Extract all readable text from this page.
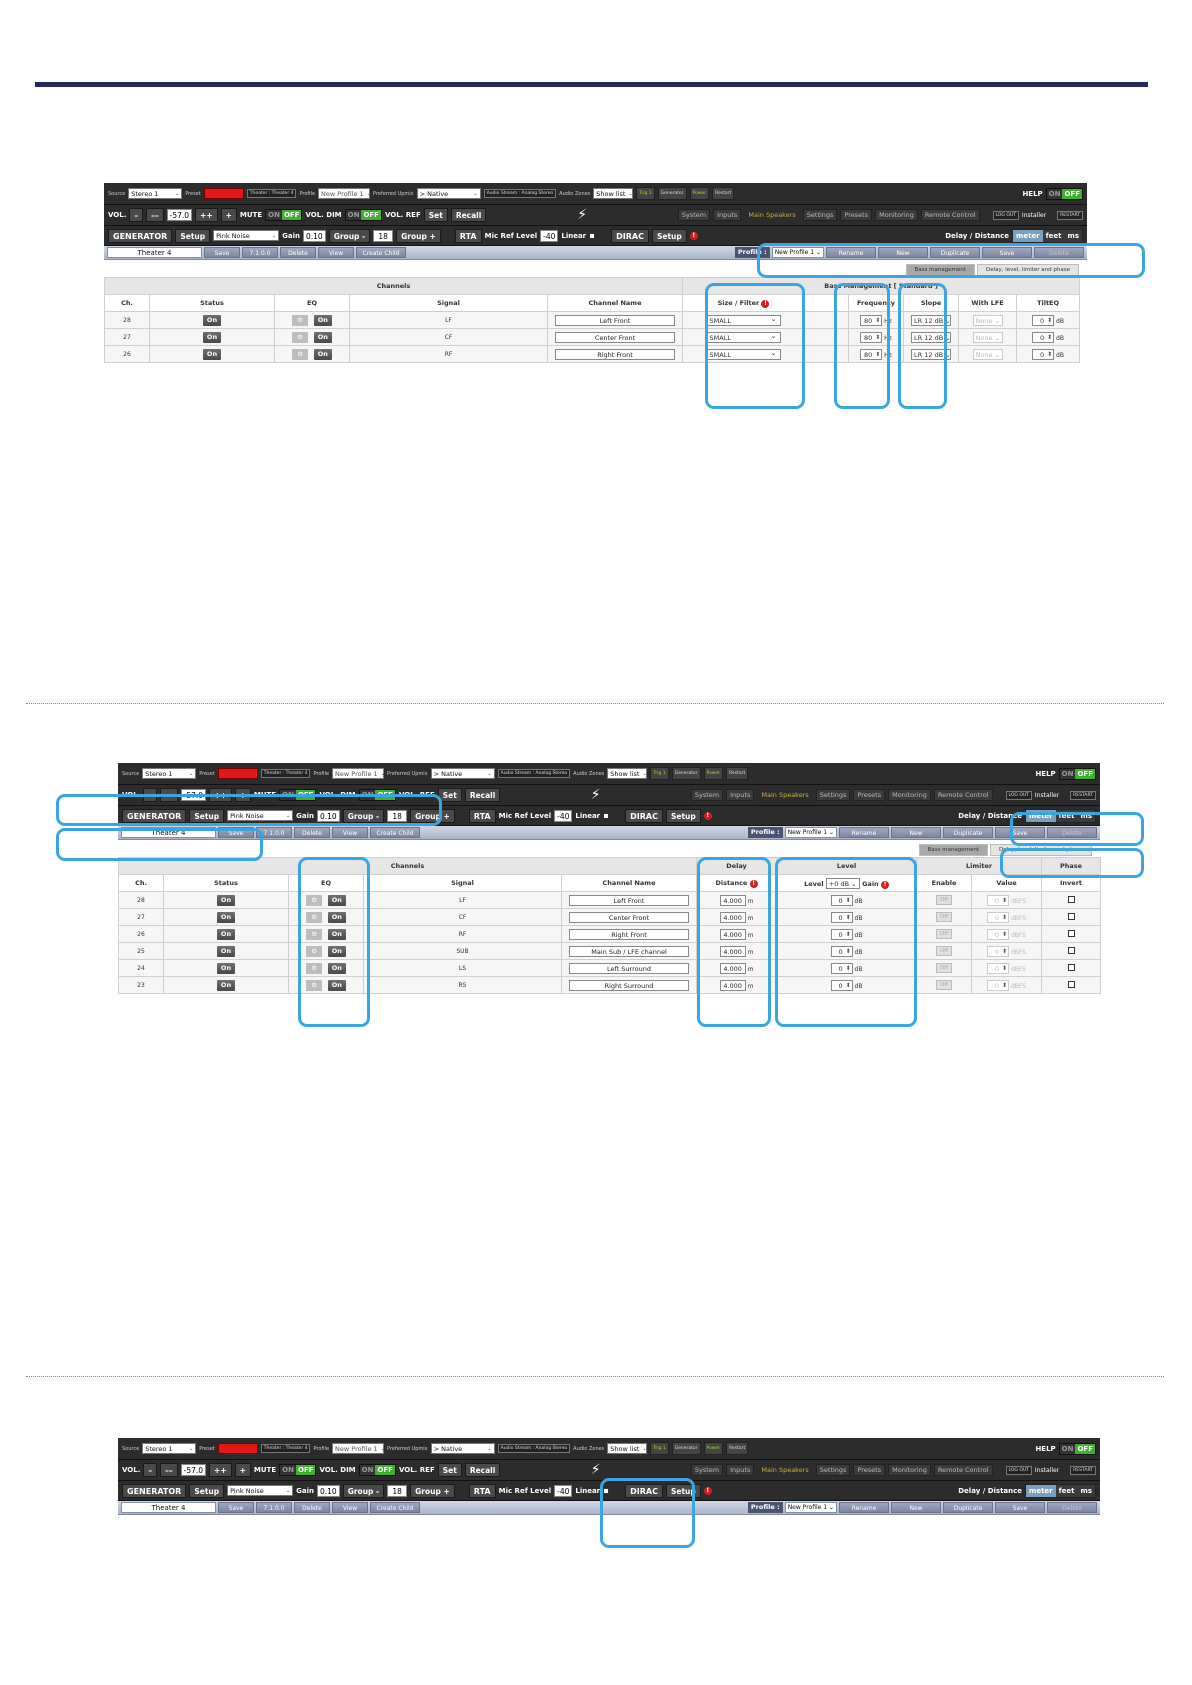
Source Stereo 1	⌄ Preset	Theater : Theater 4	Profile New Profile 1 ⌄ Preferred Upmix > Native	⌄	Audio Stream : Analog Stereo	Audio Zones Show list ⌄	Trig 1	Generator	Power	Restart	HELP ON OFF
VOL.	–	––	-57.0	++	+	MUTE ON OFF VOL. DIM ON OFF VOL. REF	Set	Recall	⚡	System	Inputs	Main Speakers	Settings	Presets	Monitoring	Remote Control	LOG OUT	Installer	RESTART
GENERATOR	Setup	Pink Noise	⌄ Gain 0.10	Group -	18	Group +	RTA	Mic Ref Level -40 Linear	DIRAC	Setup	!	Delay / Distance	meter feet ms
Theater 4	Save	7.1.0.0	Delete	View	Create Child	Profile :	New Profile 1 ⌄	Rename	New	Duplicate	Save	Delete
Bass management	Delay, level, limiter and phase
Channels					Bass Management [ Standard ]					
Ch.	Status	EQ	Signal	Channel Name	Size / Filter !		Frequency	Slope	With LFE	TiltEQ
28	On	⚙ On	LF	Left Front	SMALL ⌄		80 ⬍ Hz	LR 12 dB ⌄	None ⌄	0 ⬍ dB
27	On	⚙ On	CF	Center Front	SMALL ⌄		80 ⬍ Hz	LR 12 dB ⌄	None ⌄	0 ⬍ dB
26	On	⚙ On	RF	Right Front	SMALL ⌄		80 ⬍ Hz	LR 12 dB ⌄	None ⌄	0 ⬍ dB
Source Stereo 1	⌄ Preset	Theater : Theater 4	Profile New Profile 1 ⌄ Preferred Upmix > Native	⌄	Audio Stream : Analog Stereo	Audio Zones Show list ⌄	Trig 1	Generator	Power	Restart	HELP ON OFF
VOL.	–	––	-57.0	++	+	MUTE ON OFF VOL. DIM ON OFF VOL. REF	Set	Recall	⚡	System	Inputs	Main Speakers	Settings	Presets	Monitoring	Remote Control	LOG OUT	Installer	RESTART
GENERATOR	Setup	Pink Noise	⌄ Gain 0.10	Group -	18	Group +	RTA	Mic Ref Level -40 Linear	DIRAC	Setup	!	Delay / Distance	meter feet ms
Theater 4	Save	7.1.0.0	Delete	View	Create Child	Profile :	New Profile 1 ⌄	Rename	New	Duplicate	Save	Delete
Bass management	Delay, level, limiter and phase
Channels					Delay	Level	Limiter		Phase
Ch.	Status	EQ	Signal	Channel Name	Distance !	Level +0 dB ⌄ Gain !	Enable	Value	Invert
28	On	⚙ On	LF	Left Front	4.000 m	0 ⬍ dB	Off	0 ⬍ dBFS	
27	On	⚙ On	CF	Center Front	4.000 m	0 ⬍ dB	Off	0 ⬍ dBFS	
26	On	⚙ On	RF	Right Front	4.000 m	0 ⬍ dB	Off	0 ⬍ dBFS	
25	On	⚙ On	SUB	Main Sub / LFE channel	4.000 m	0 ⬍ dB	Off	0 ⬍ dBFS	
24	On	⚙ On	LS	Left Surround	4.000 m	0 ⬍ dB	Off	0 ⬍ dBFS	
23	On	⚙ On	RS	Right Surround	4.000 m	0 ⬍ dB	Off	0 ⬍ dBFS	
Source Stereo 1	⌄ Preset	Theater : Theater 4	Profile New Profile 1 ⌄ Preferred Upmix > Native	⌄	Audio Stream : Analog Stereo	Audio Zones Show list ⌄	Trig 1	Generator	Power	Restart	HELP ON OFF
VOL.	–	––	-57.0	++	+	MUTE ON OFF VOL. DIM ON OFF VOL. REF	Set	Recall	⚡	System	Inputs	Main Speakers	Settings	Presets	Monitoring	Remote Control	LOG OUT	Installer	RESTART
GENERATOR	Setup	Pink Noise	⌄ Gain 0.10	Group -	18	Group +	RTA	Mic Ref Level -40 Linear	DIRAC	Setup	!	Delay / Distance	meter feet ms
Theater 4	Save	7.1.0.0	Delete	View	Create Child	Profile :	New Profile 1 ⌄	Rename	New	Duplicate	Save	Delete
